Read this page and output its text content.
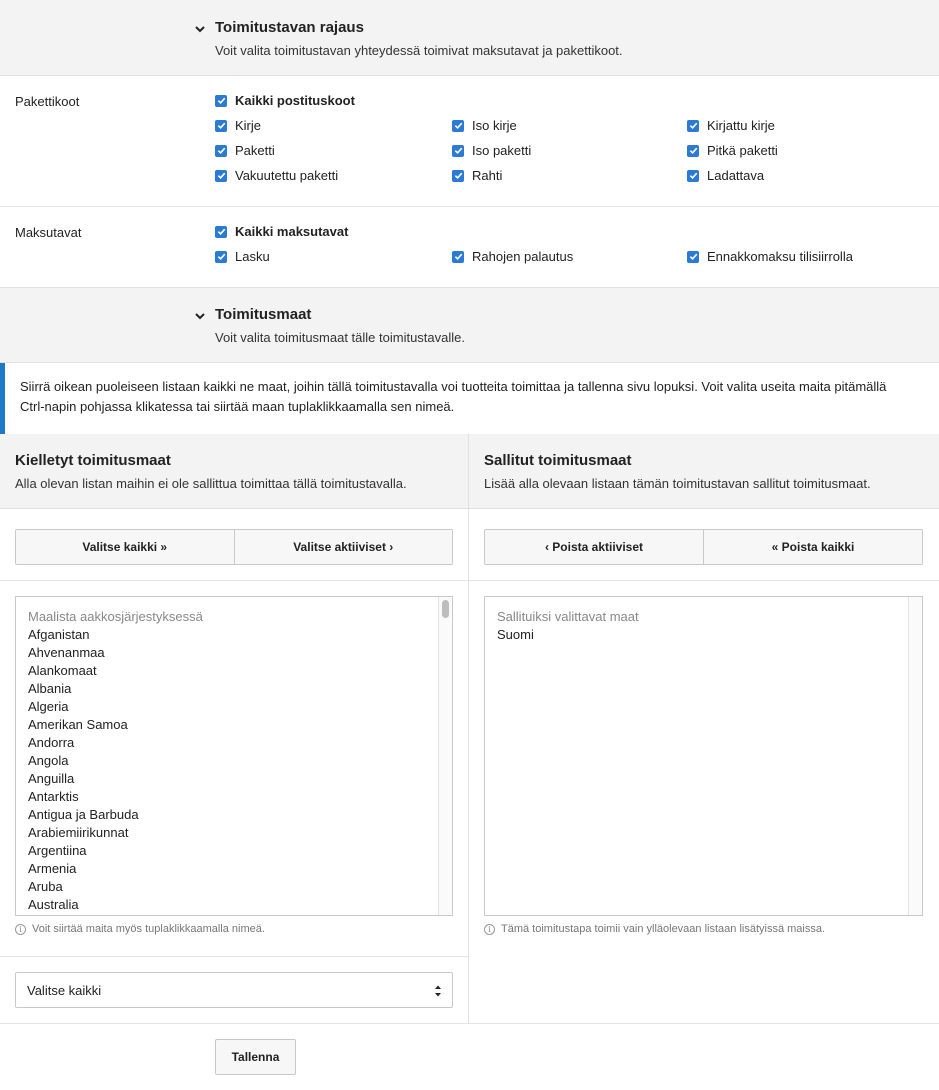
Toimitustavan rajaus
Voit valita toimitustavan yhteydessä toimivat maksutavat ja pakettikoot.
Pakettikoot	Kaikki postituskoot
Kirje	Iso kirje	Kirjattu kirje
Paketti	Iso paketti	Pitkä paketti
Vakuutettu paketti	Rahti	Ladattava
Maksutavat	Kaikki maksutavat
Lasku	Rahojen palautus	Ennakkomaksu tilisiirrolla
Toimitusmaat
Voit valita toimitusmaat tälle toimitustavalle.

Siirrä oikean puoleiseen listaan kaikki ne maat, joihin tällä toimitustavalla voi tuotteita toimittaa ja tallenna sivu lopuksi. Voit valita useita maita pitämällä Ctrl-napin pohjassa klikatessa tai siirtää maan tuplaklikkaamalla sen nimeä.

Kielletyt toimitusmaat
Alla olevan listan maihin ei ole sallittua toimittaa tällä toimitustavalla.
Sallitut toimitusmaat
Lisää alla olevaan listaan tämän toimitustavan sallitut toimitusmaat.
Valitse kaikki »	Valitse aktiiviset ›	‹ Poista aktiiviset	« Poista kaikki
Maalista aakkosjärjestyksessä
Afganistan
Ahvenanmaa
Alankomaat
Albania
Algeria
Amerikan Samoa
Andorra
Angola
Anguilla
Antarktis
Antigua ja Barbuda
Arabiemiirikunnat
Argentiina
Armenia
Aruba
Australia
Sallituiksi valittavat maat
Suomi
i Voit siirtää maita myös tuplaklikkaamalla nimeä.	i Tämä toimitustapa toimii vain ylläolevaan listaan lisätyissä maissa.
Valitse kaikki
Tallenna
